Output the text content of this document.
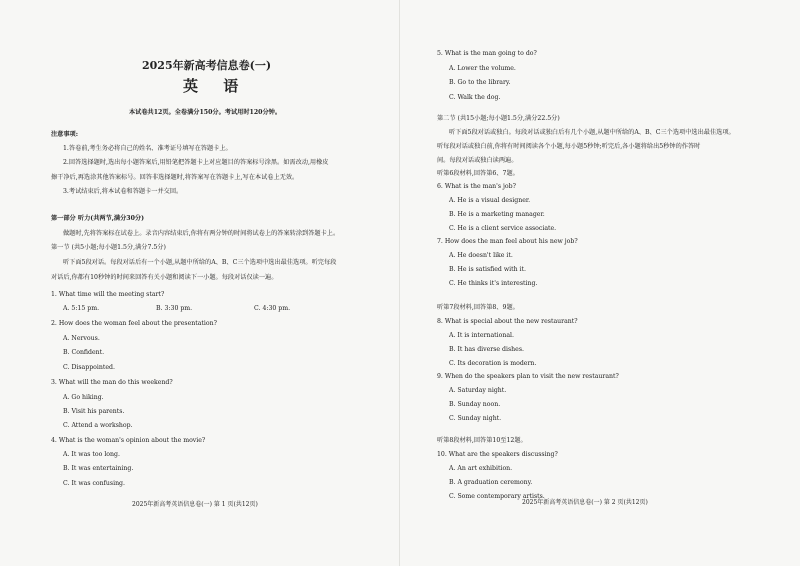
2025年新高考信息卷(一)
英 语
本试卷共12页。全卷满分150分。考试用时120分钟。
注意事项:
1.答卷前,考生务必将自己的姓名、准考证号填写在答题卡上。
2.回答选择题时,选出每小题答案后,用铅笔把答题卡上对应题目的答案标号涂黑。如需改动,用橡皮
擦干净后,再选涂其他答案标号。回答非选择题时,将答案写在答题卡上,写在本试卷上无效。
3.考试结束后,将本试卷和答题卡一并交回。
第一部分 听力(共两节,满分30分)
做题时,先将答案标在试卷上。录音内容结束后,你将有两分钟的时间将试卷上的答案转涂到答题卡上。
第一节 (共5小题;每小题1.5分,满分7.5分)
听下面5段对话。每段对话后有一个小题,从题中所给的A、B、C三个选项中选出最佳选项。听完每段
对话后,你都有10秒钟的时间来回答有关小题和阅读下一小题。每段对话仅读一遍。
1. What time will the meeting start?
A. 5:15 pm.	B. 3:30 pm.	C. 4:30 pm.
2. How does the woman feel about the presentation?
A. Nervous.
B. Confident.
C. Disappointed.
3. What will the man do this weekend?
A. Go hiking.
B. Visit his parents.
C. Attend a workshop.
4. What is the woman's opinion about the movie?
A. It was too long.
B. It was entertaining.
C. It was confusing.
2025年新高考英语信息卷(一) 第 1 页(共12页)
5. What is the man going to do?
A. Lower the volume.
B. Go to the library.
C. Walk the dog.
第二节 (共15小题;每小题1.5分,满分22.5分)
听下面5段对话或独白。每段对话或独白后有几个小题,从题中所给的A、B、C三个选项中选出最佳选项。
听每段对话或独白前,你将有时间阅读各个小题,每小题5秒钟;听完后,各小题将给出5秒钟的作答时
间。每段对话或独白读两遍。
听第6段材料,回答第6、7题。
6. What is the man's job?
A. He is a visual designer.
B. He is a marketing manager.
C. He is a client service associate.
7. How does the man feel about his new job?
A. He doesn't like it.
B. He is satisfied with it.
C. He thinks it's interesting.
听第7段材料,回答第8、9题。
8. What is special about the new restaurant?
A. It is international.
B. It has diverse dishes.
C. Its decoration is modern.
9. When do the speakers plan to visit the new restaurant?
A. Saturday night.
B. Sunday noon.
C. Sunday night.
听第8段材料,回答第10至12题。
10. What are the speakers discussing?
A. An art exhibition.
B. A graduation ceremony.
C. Some contemporary artists.
2025年新高考英语信息卷(一) 第 2 页(共12页)
